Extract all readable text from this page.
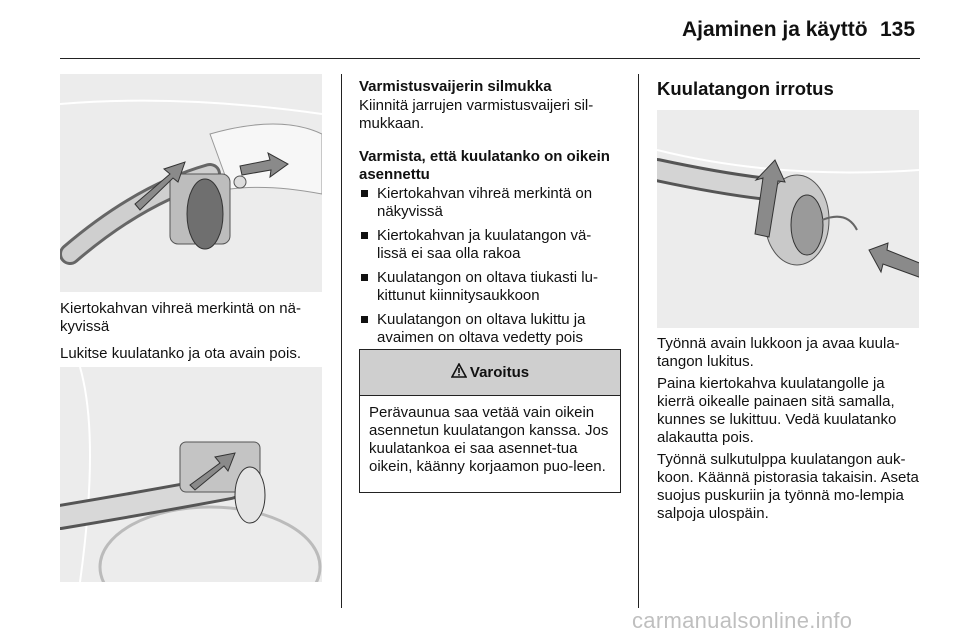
Ajaminen ja käyttö 135

Kiertokahvan vihreä merkintä on nä-kyvissä

Lukitse kuulatanko ja ota avain pois.

Varmistusvaijerin silmukka

Kiinnitä jarrujen varmistusvaijeri sil-mukkaan.

Varmista, että kuulatanko on oikein asennettu

Kiertokahvan vihreä merkintä on näkyvissä
Kiertokahvan ja kuulatangon vä-lissä ei saa olla rakoa
Kuulatangon on oltava tiukasti lu-kittunut kiinnitysaukkoon
Kuulatangon on oltava lukittu ja avaimen on oltava vedetty pois
Varoitus
Perävaunua saa vetää vain oikein asennetun kuulatangon kanssa. Jos kuulatankoa ei saa asennet-tua oikein, käänny korjaamon puo-leen.
Kuulatangon irrotus

Työnnä avain lukkoon ja avaa kuula-tangon lukitus.

Paina kiertokahva kuulatangolle ja kierrä oikealle painaen sitä samalla, kunnes se lukittuu. Vedä kuulatanko alakautta pois.

Työnnä sulkutulppa kuulatangon auk-koon. Käännä pistorasia takaisin. Aseta suojus puskuriin ja työnnä mo-lempia salpoja ulospäin.

carmanualsonline.info
